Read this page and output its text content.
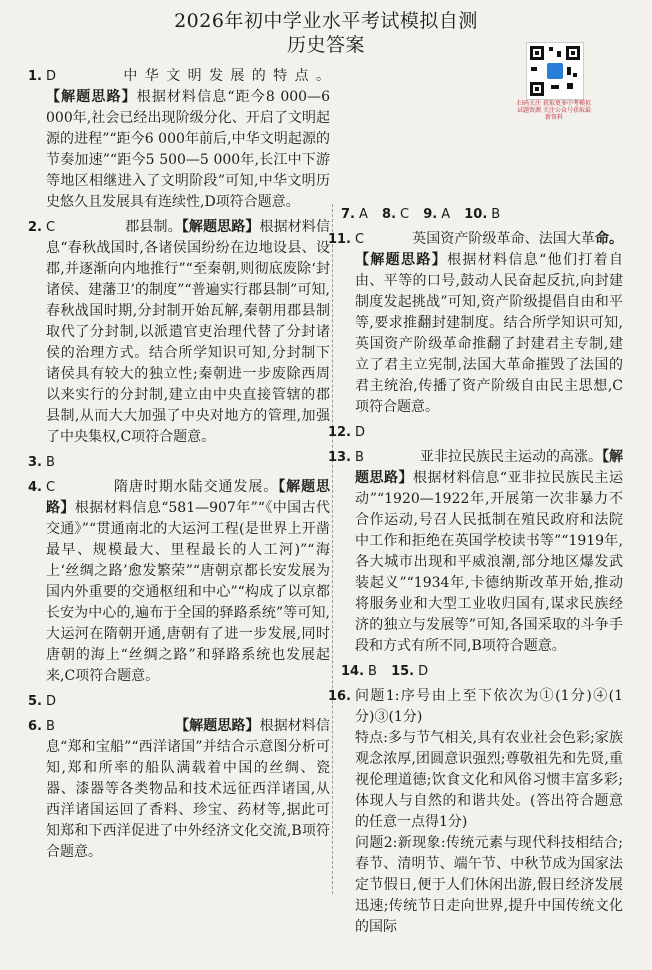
2026年初中学业水平考试模拟自测
历史答案
扫码关注 获取更多中考模拟试题资源 关注公众号获取最新资料
1. D	中华文明发展的特点。【解题思路】根据材料信息“距今8 000—6 000年,社会已经出现阶级分化、开启了文明起源的进程”“距今6 000年前后,中华文明起源的节奏加速”“距今5 500—5 000年,长江中下游等地区相继进入了文明阶段”可知,中华文明历史悠久且发展具有连续性,D项符合题意。
2. C	郡县制。【解题思路】根据材料信息“春秋战国时,各诸侯国纷纷在边地设县、设郡,并逐渐向内地推行”“至秦朝,则彻底废除‘封诸侯、建藩卫’的制度”“普遍实行郡县制”可知,春秋战国时期,分封制开始瓦解,秦朝用郡县制取代了分封制,以派遣官吏治理代替了分封诸侯的治理方式。结合所学知识可知,分封制下诸侯具有较大的独立性;秦朝进一步废除西周以来实行的分封制,建立由中央直接管辖的郡县制,从而大大加强了中央对地方的管理,加强了中央集权,C项符合题意。
3. B
4. C	隋唐时期水陆交通发展。【解题思路】根据材料信息“581—907年”“《中国古代交通》”“贯通南北的大运河工程(是世界上开凿最早、规模最大、里程最长的人工河)”“海上‘丝绸之路’愈发繁荣”“唐朝京都长安发展为国内外重要的交通枢纽和中心”“构成了以京都长安为中心的,遍布于全国的驿路系统”等可知,大运河在隋朝开通,唐朝有了进一步发展,同时唐朝的海上“丝绸之路”和驿路系统也发展起来,C项符合题意。
5. D
6. B	【解题思路】根据材料信息“郑和宝船”“西洋诸国”并结合示意图分析可知,郑和所率的船队满载着中国的丝绸、瓷器、漆器等各类物品和技术远征西洋诸国,从西洋诸国运回了香料、珍宝、药材等,据此可知郑和下西洋促进了中外经济文化交流,B项符合题意。
7. A 8. C 9. A 10. B
11. C	英国资产阶级革命、法国大革命。【解题思路】根据材料信息“他们打着自由、平等的口号,鼓动人民奋起反抗,向封建制度发起挑战”可知,资产阶级提倡自由和平等,要求推翻封建制度。结合所学知识可知,英国资产阶级革命推翻了封建君主专制,建立了君主立宪制,法国大革命摧毁了法国的君主统治,传播了资产阶级自由民主思想,C项符合题意。
12. D
13. B	亚非拉民族民主运动的高涨。【解题思路】根据材料信息“亚非拉民族民主运动”“1920—1922年,开展第一次非暴力不合作运动,号召人民抵制在殖民政府和法院中工作和拒绝在英国学校读书等”“1919年,各大城市出现和平威浪潮,部分地区爆发武装起义”“1934年,卡德纳斯改革开始,推动将服务业和大型工业收归国有,谋求民族经济的独立与发展等”可知,各国采取的斗争手段和方式有所不同,B项符合题意。
14. B 15. D
16. 问题1:序号由上至下依次为①(1分)④(1分)③(1分)
特点:多与节气相关,具有农业社会色彩;家族观念浓厚,团圆意识强烈;尊敬祖先和先贤,重视伦理道德;饮食文化和风俗习惯丰富多彩;体现人与自然的和谐共处。(答出符合题意的任意一点得1分)
问题2:新现象:传统元素与现代科技相结合;春节、清明节、端午节、中秋节成为国家法定节假日,便于人们休闲出游,假日经济发展迅速;传统节日走向世界,提升中国传统文化的国际
